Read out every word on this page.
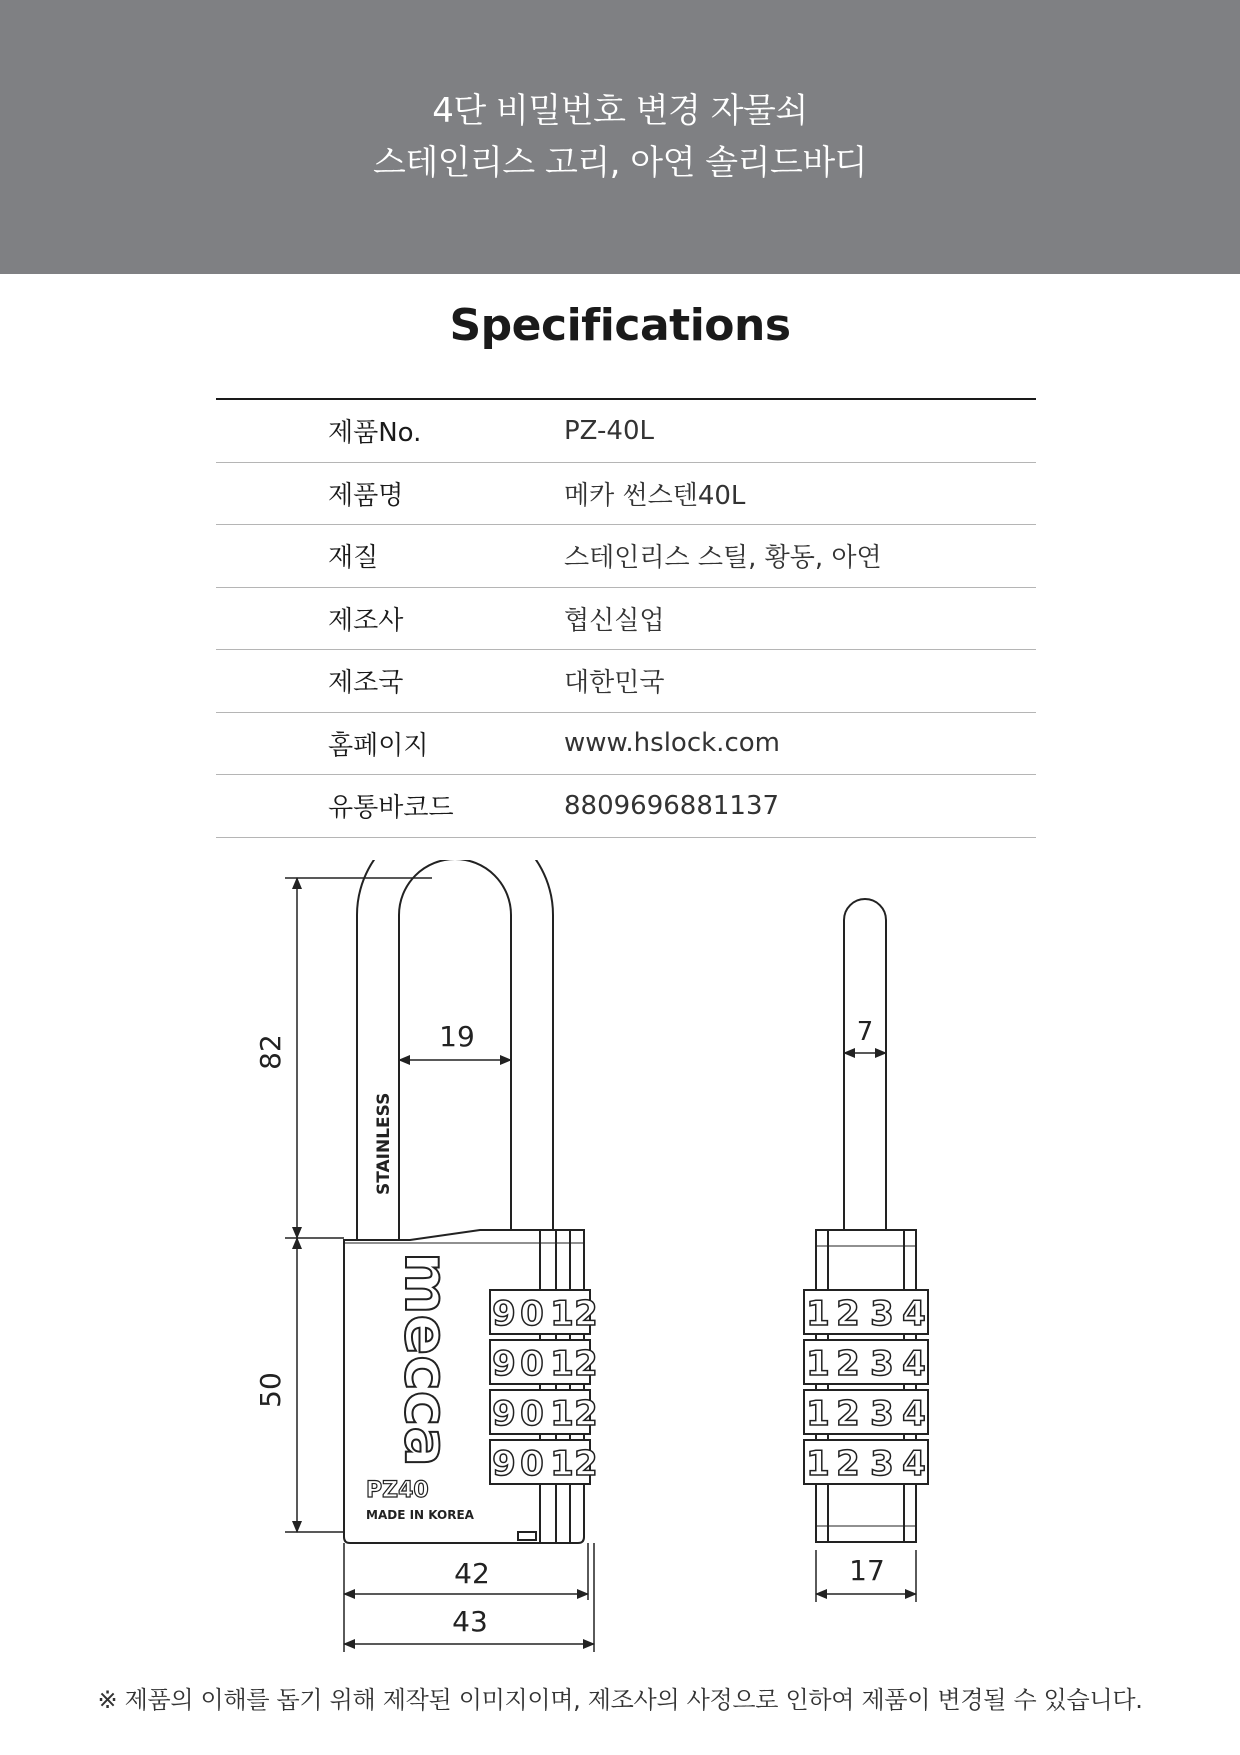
4단 비밀번호 변경 자물쇠
스테인리스 고리, 아연 솔리드바디
Specifications
제품No.	PZ-40L
제품명	메카 썬스텐40L
재질	스테인리스 스틸, 황동, 아연
제조사	협신실업
제조국	대한민국
홈페이지	www.hslock.com
유통바코드	8809696881137
STAINLESS
mecca
PZ40
MADE IN KOREA
9 0 1 2
9 0 1 2
9 0 1 2
9 0 1 2
82
50
19
42
43
1 2 3 4
1 2 3 4
1 2 3 4
1 2 3 4
7
17
※ 제품의 이해를 돕기 위해 제작된 이미지이며, 제조사의 사정으로 인하여 제품이 변경될 수 있습니다.
